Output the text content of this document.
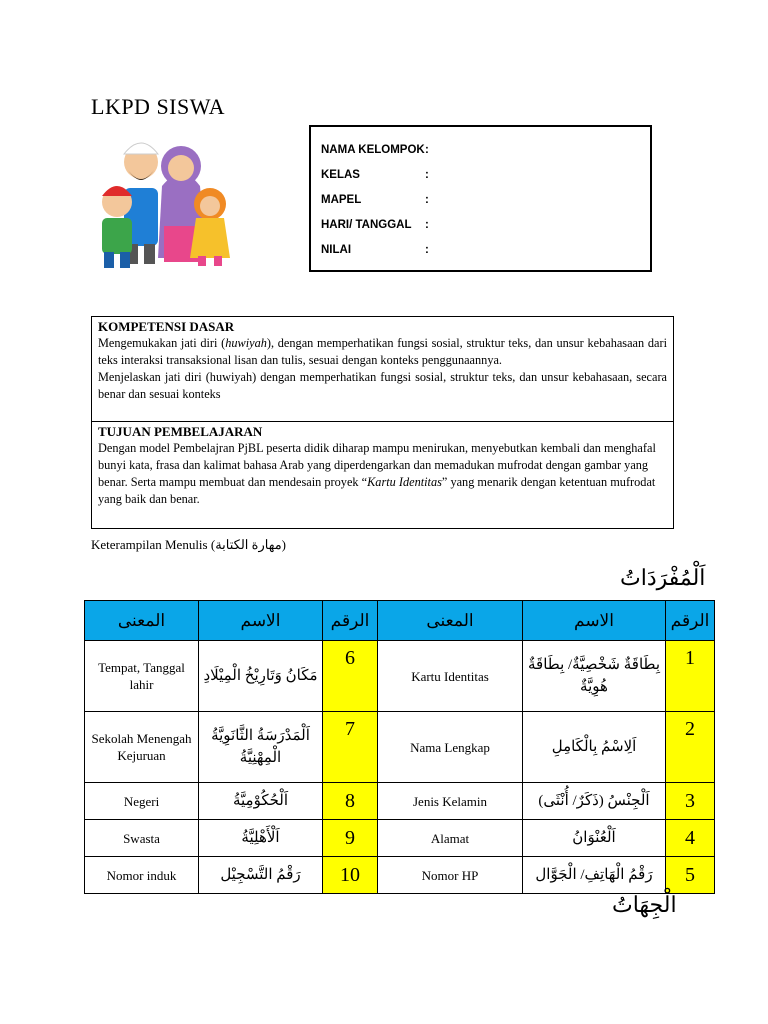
LKPD SISWA
NAMA KELOMPOK:
KELAS	:
MAPEL	:
HARI/ TANGGAL :
NILAI	:
KOMPETENSI DASAR
Mengemukakan jati diri (huwiyah), dengan memperhatikan fungsi sosial, struktur teks, dan unsur kebahasaan dari teks interaksi transaksional lisan dan tulis, sesuai dengan konteks penggunaannya.
Menjelaskan jati diri (huwiyah) dengan memperhatikan fungsi sosial, struktur teks, dan unsur kebahasaan, secara benar dan sesuai konteks
TUJUAN PEMBELAJARAN
Dengan model Pembelajran PjBL peserta didik diharap mampu menirukan, menyebutkan kembali dan menghafal bunyi kata, frasa dan kalimat bahasa Arab yang diperdengarkan dan memadukan mufrodat dengan gambar yang benar. Serta mampu membuat dan mendesain proyek “Kartu Identitas” yang menarik dengan ketentuan mufrodat yang baik dan benar.
Keterampilan Menulis (مهارة الكتابة)
اَلْمُفْرَدَاتُ
المعنى	الاسم	الرقم	المعنى	الاسم	الرقم
Tempat, Tanggal lahir	مَكَانُ وَتَارِيْخُ الْمِيْلَادِ	6	Kartu Identitas	بِطَاقَةٌ شَخْصِيَّةٌ/ بِطَاقَةٌ هُوِيَّةٌ	1
Sekolah Menengah Kejuruan	اَلْمَدْرَسَةُ الثَّانَوِيَّةُ الْمِهْنِيَّةُ	7	Nama Lengkap	اَلِاسْمُ بِالْكَامِلِ	2
Negeri	اَلْحُكُوْمِيَّةُ	8	Jenis Kelamin	اَلْجِنْسُ (ذَكَرٌ/ أُنْثَى)	3
Swasta	اَلْأَهْلِيَّةُ	9	Alamat	اَلْعُنْوَانُ	4
Nomor induk	رَقْمُ التَّسْجِيْل	10	Nomor HP	رَقْمُ الْهَاتِفِ/ الْجَوَّال	5
الْجِهَاتُ
